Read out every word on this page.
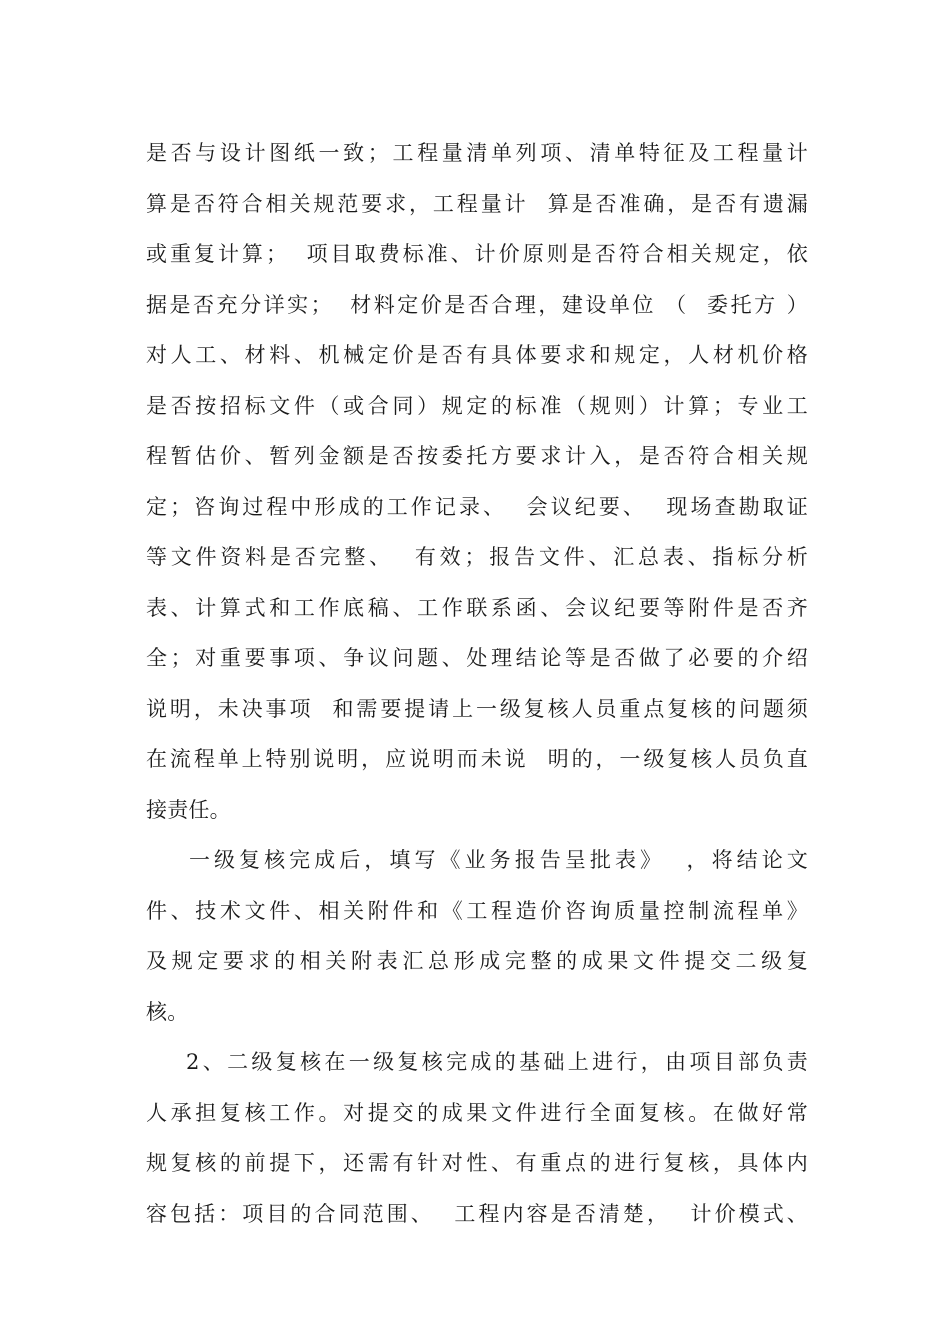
是否与设计图纸一致；工程量清单列项、清单特征及工程量计
算是否符合相关规范要求，工程量计  算是否准确，是否有遗漏
或重复计算；  项目取费标准、计价原则是否符合相关规定，依
据是否充分详实；  材料定价是否合理，建设单位 （  委托方 ）
对人工、材料、机械定价是否有具体要求和规定，人材机价格
是否按招标文件（或合同）规定的标准（规则）计算；专业工
程暂估价、暂列金额是否按委托方要求计入，是否符合相关规
定；咨询过程中形成的工作记录、  会议纪要、  现场查勘取证
等文件资料是否完整、  有效；报告文件、汇总表、指标分析
表、计算式和工作底稿、工作联系函、会议纪要等附件是否齐
全；对重要事项、争议问题、处理结论等是否做了必要的介绍
说明，未决事项  和需要提请上一级复核人员重点复核的问题须
在流程单上特别说明，应说明而未说  明的，一级复核人员负直
接责任。
一级复核完成后，填写《业务报告呈批表》  ，将结论文
件、技术文件、相关附件和《工程造价咨询质量控制流程单》
及规定要求的相关附表汇总形成完整的成果文件提交二级复
核。
2、二级复核在一级复核完成的基础上进行，由项目部负责
人承担复核工作。对提交的成果文件进行全面复核。在做好常
规复核的前提下，还需有针对性、有重点的进行复核，具体内
容包括：项目的合同范围、  工程内容是否清楚，  计价模式、
